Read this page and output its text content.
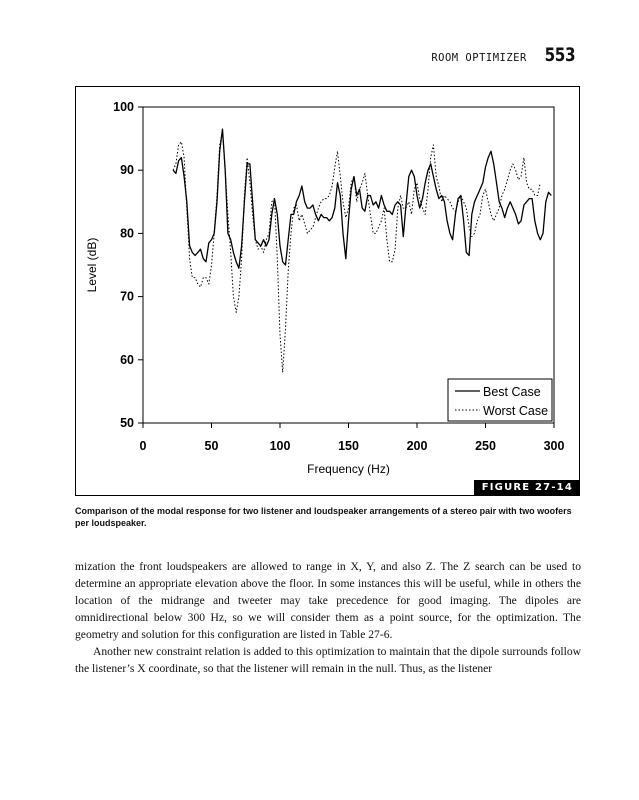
ROOM OPTIMIZER 553
50
60
70
80
90
100
0	50	100	150	200	250	300
Frequency (Hz)
Level (dB)
Best Case
Worst Case
FIGURE 27-14
Comparison of the modal response for two listener and loudspeaker arrangements of a stereo pair with two woofers per loudspeaker.

mization the front loudspeakers are allowed to range in X, Y, and also Z. The Z search can be used to determine an appropriate elevation above the floor. In some instances this will be useful, while in others the location of the midrange and tweeter may take precedence for good imaging. The dipoles are omnidirectional below 300 Hz, so we will consider them as a point source, for the optimization. The geometry and solution for this configuration are listed in Table 27-6.

Another new constraint relation is added to this optimization to maintain that the dipole surrounds follow the listener’s X coordinate, so that the listener will remain in the null. Thus, as the listener
